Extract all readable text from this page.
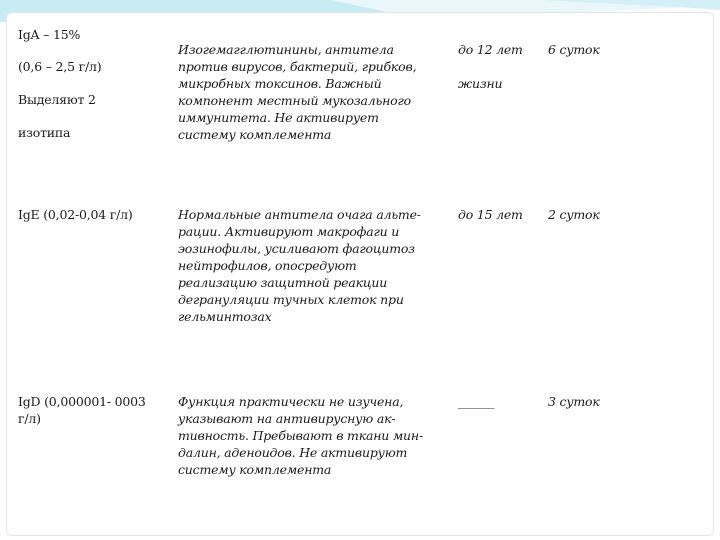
IgA – 15%
(0,6 – 2,5 г/л)
Выделяют 2
изотипа
Изогемагглютинины, антитела
против вирусов, бактерий, грибков,
микробных токсинов. Важный
компонент местный мукозального
иммунитета. Не активирует
систему комплемента
до 12 лет
жизни
6 суток
IgE (0,02-0,04 г/л)	Нормальные антитела очага альте-
рации. Активируют макрофаги и
эозинофилы, усиливают фагоцитоз
нейтрофилов, опосредуют
реализацию защитной реакции
дегрануляции тучных клеток при
гельминтозах
до 15 лет 2 суток
IgD (0,000001- 0003
г/л)
Функция практически не изучена,
указывают на антивирусную ак-
тивность. Пребывают в ткани мин-
далин, аденоидов. Не активируют
систему комплемента
______	3 суток
